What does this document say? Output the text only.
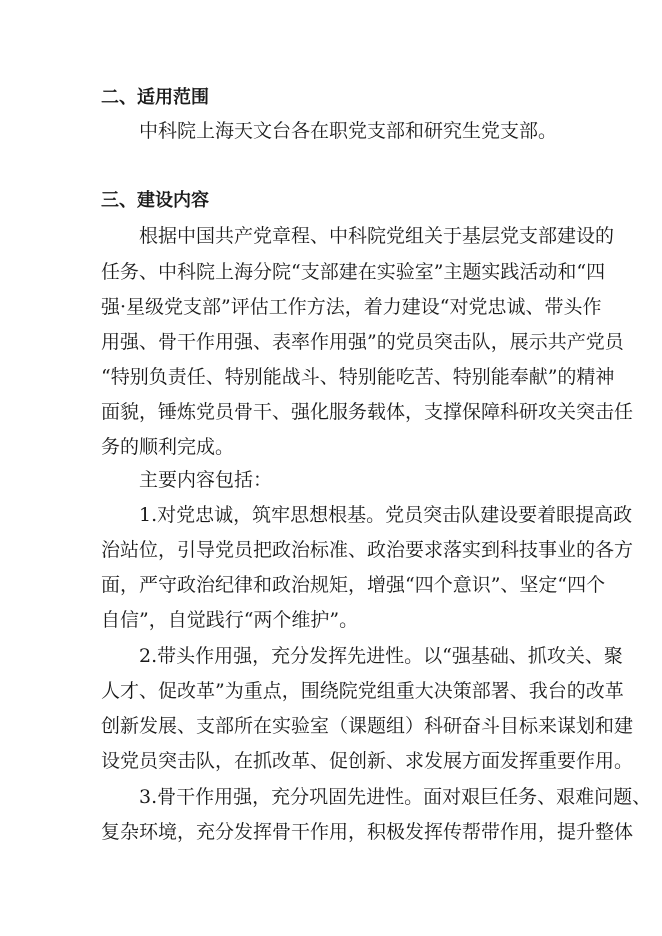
二、适用范围
中科院上海天文台各在职党支部和研究生党支部。
三、建设内容
根据中国共产党章程、中科院党组关于基层党支部建设的
任务、中科院上海分院“支部建在实验室”主题实践活动和“四
强·星级党支部”评估工作方法，着力建设“对党忠诚、带头作
用强、骨干作用强、表率作用强”的党员突击队，展示共产党员
“特别负责任、特别能战斗、特别能吃苦、特别能奉献”的精神
面貌，锤炼党员骨干、强化服务载体，支撑保障科研攻关突击任
务的顺利完成。
主要内容包括：
1.对党忠诚，筑牢思想根基。党员突击队建设要着眼提高政
治站位，引导党员把政治标准、政治要求落实到科技事业的各方
面，严守政治纪律和政治规矩，增强“四个意识”、坚定“四个
自信”，自觉践行“两个维护”。
2.带头作用强，充分发挥先进性。以“强基础、抓攻关、聚
人才、促改革”为重点，围绕院党组重大决策部署、我台的改革
创新发展、支部所在实验室（课题组）科研奋斗目标来谋划和建
设党员突击队，在抓改革、促创新、求发展方面发挥重要作用。
3.骨干作用强，充分巩固先进性。面对艰巨任务、艰难问题、
复杂环境，充分发挥骨干作用，积极发挥传帮带作用，提升整体
